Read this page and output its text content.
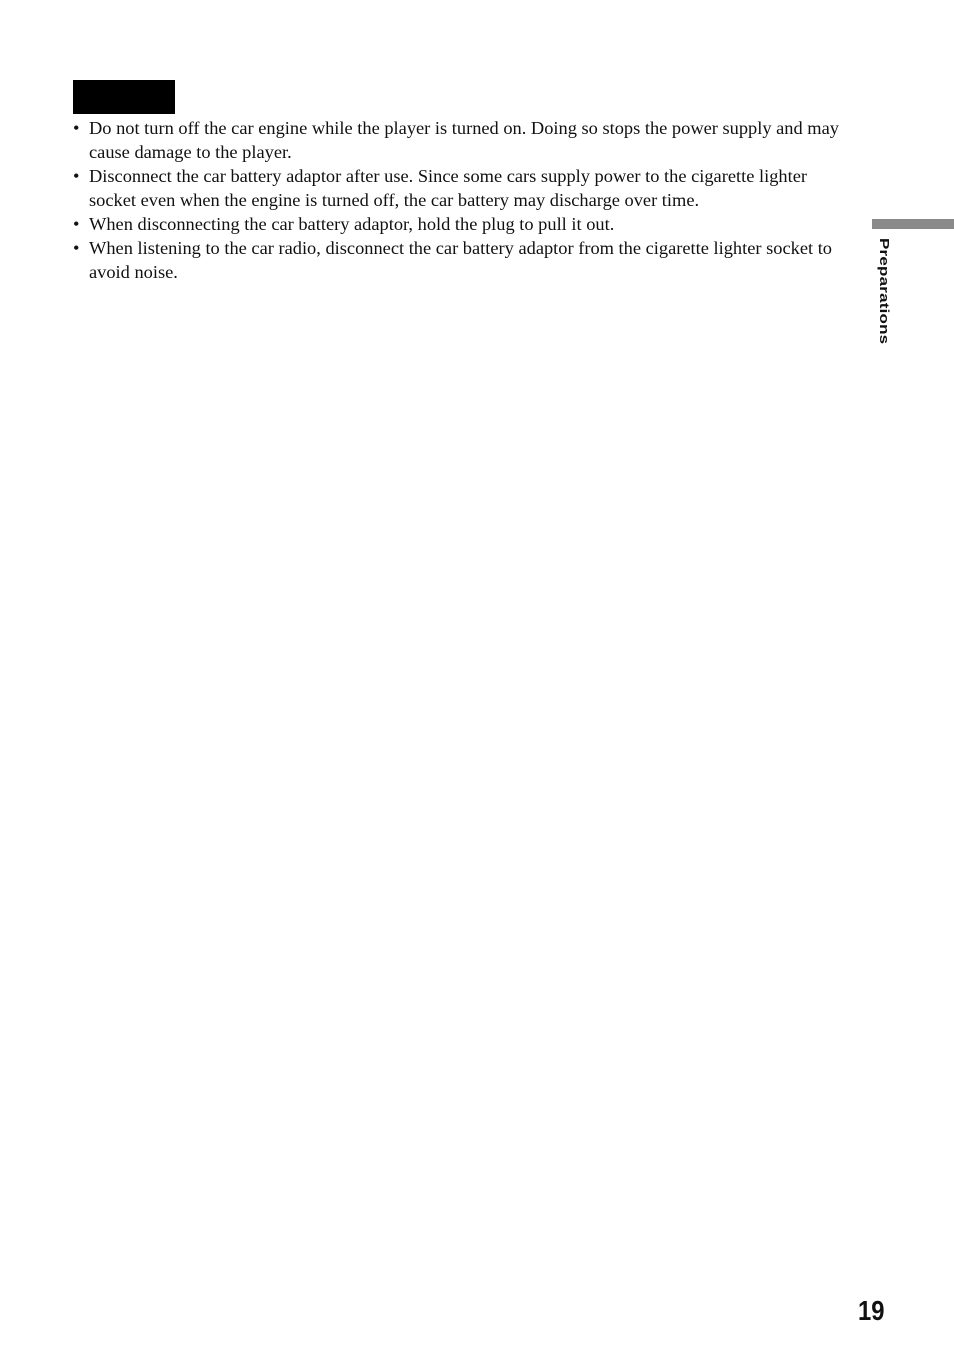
• Do not turn off the car engine while the player is turned on. Doing so stops the power supply and may cause damage to the player.
• Disconnect the car battery adaptor after use. Since some cars supply power to the cigarette lighter socket even when the engine is turned off, the car battery may discharge over time.
• When disconnecting the car battery adaptor, hold the plug to pull it out.
• When listening to the car radio, disconnect the car battery adaptor from the cigarette lighter socket to avoid noise.	Preparations
19
